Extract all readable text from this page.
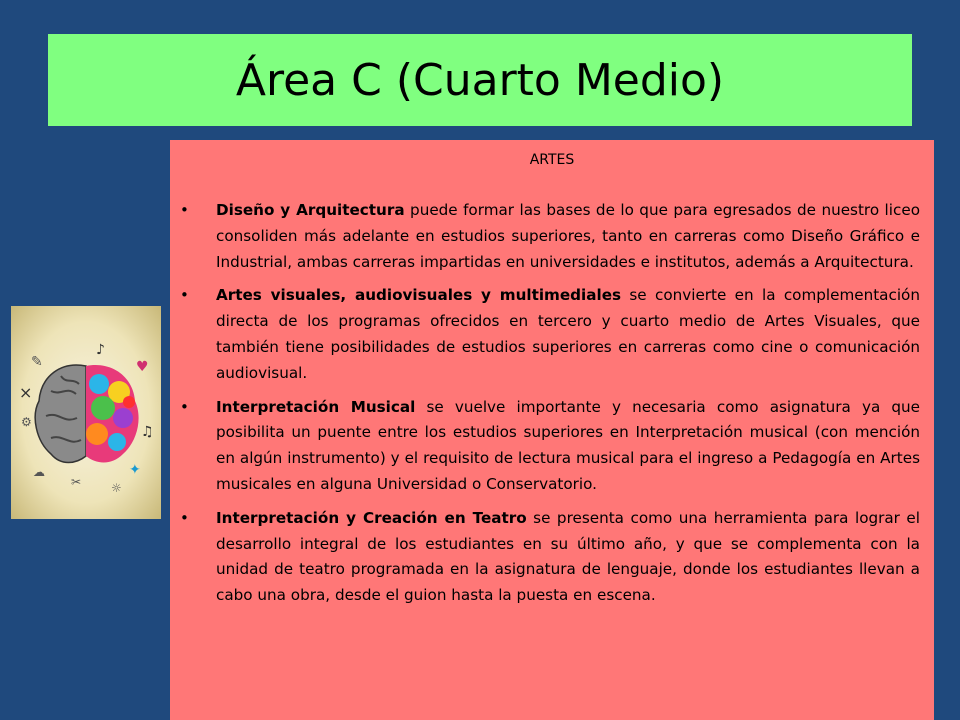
Área C (Cuarto Medio)
✎
×
⚙
☁
♪
♥
♫
✦
✂ ☼
ARTES
• Diseño y Arquitectura puede formar las bases de lo que para egresados de nuestro liceo consoliden más adelante en estudios superiores, tanto en carreras como Diseño Gráfico e Industrial, ambas carreras impartidas en universidades e institutos, además a Arquitectura.
• Artes visuales, audiovisuales y multimediales se convierte en la complementación directa de los programas ofrecidos en tercero y cuarto medio de Artes Visuales, que también tiene posibilidades de estudios superiores en carreras como cine o comunicación audiovisual.
• Interpretación Musical se vuelve importante y necesaria como asignatura ya que posibilita un puente entre los estudios superiores en Interpretación musical (con mención en algún instrumento) y el requisito de lectura musical para el ingreso a Pedagogía en Artes musicales en alguna Universidad o Conservatorio.
• Interpretación y Creación en Teatro se presenta como una herramienta para lograr el desarrollo integral de los estudiantes en su último año, y que se complementa con la unidad de teatro programada en la asignatura de lenguaje, donde los estudiantes llevan a cabo una obra, desde el guion hasta la puesta en escena.
